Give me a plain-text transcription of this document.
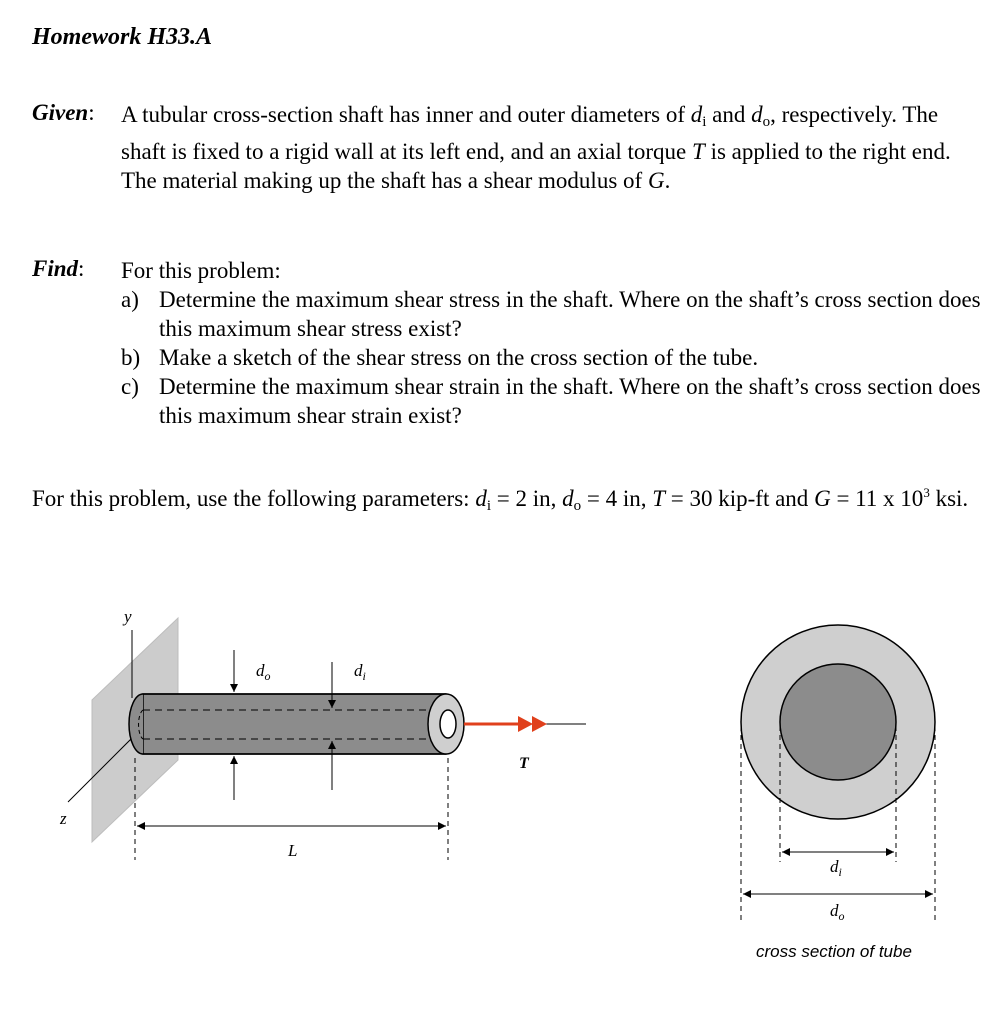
Homework H33.A
Given: A tubular cross-section shaft has inner and outer diameters of $d_i$ and $d_o$, respectively. The shaft is fixed to a rigid wall at its left end, and an axial torque T is applied to the right end. The material making up the shaft has a shear modulus of G.
Find: For this problem:
a) Determine the maximum shear stress in the shaft. Where on the shaft’s cross section does this maximum shear stress exist?
b) Make a sketch of the shear stress on the cross section of the tube.
c) Determine the maximum shear strain in the shaft. Where on the shaft’s cross section does this maximum shear strain exist?
For this problem, use the following parameters: $d_i = 2$ in, $d_o = 4$ in, T = 30 kip-ft and G = 11 x $10^3$ ksi.
y
z
T
$d_o$	$d_i$
L
$d_i$
$d_o$
cross section of tube
